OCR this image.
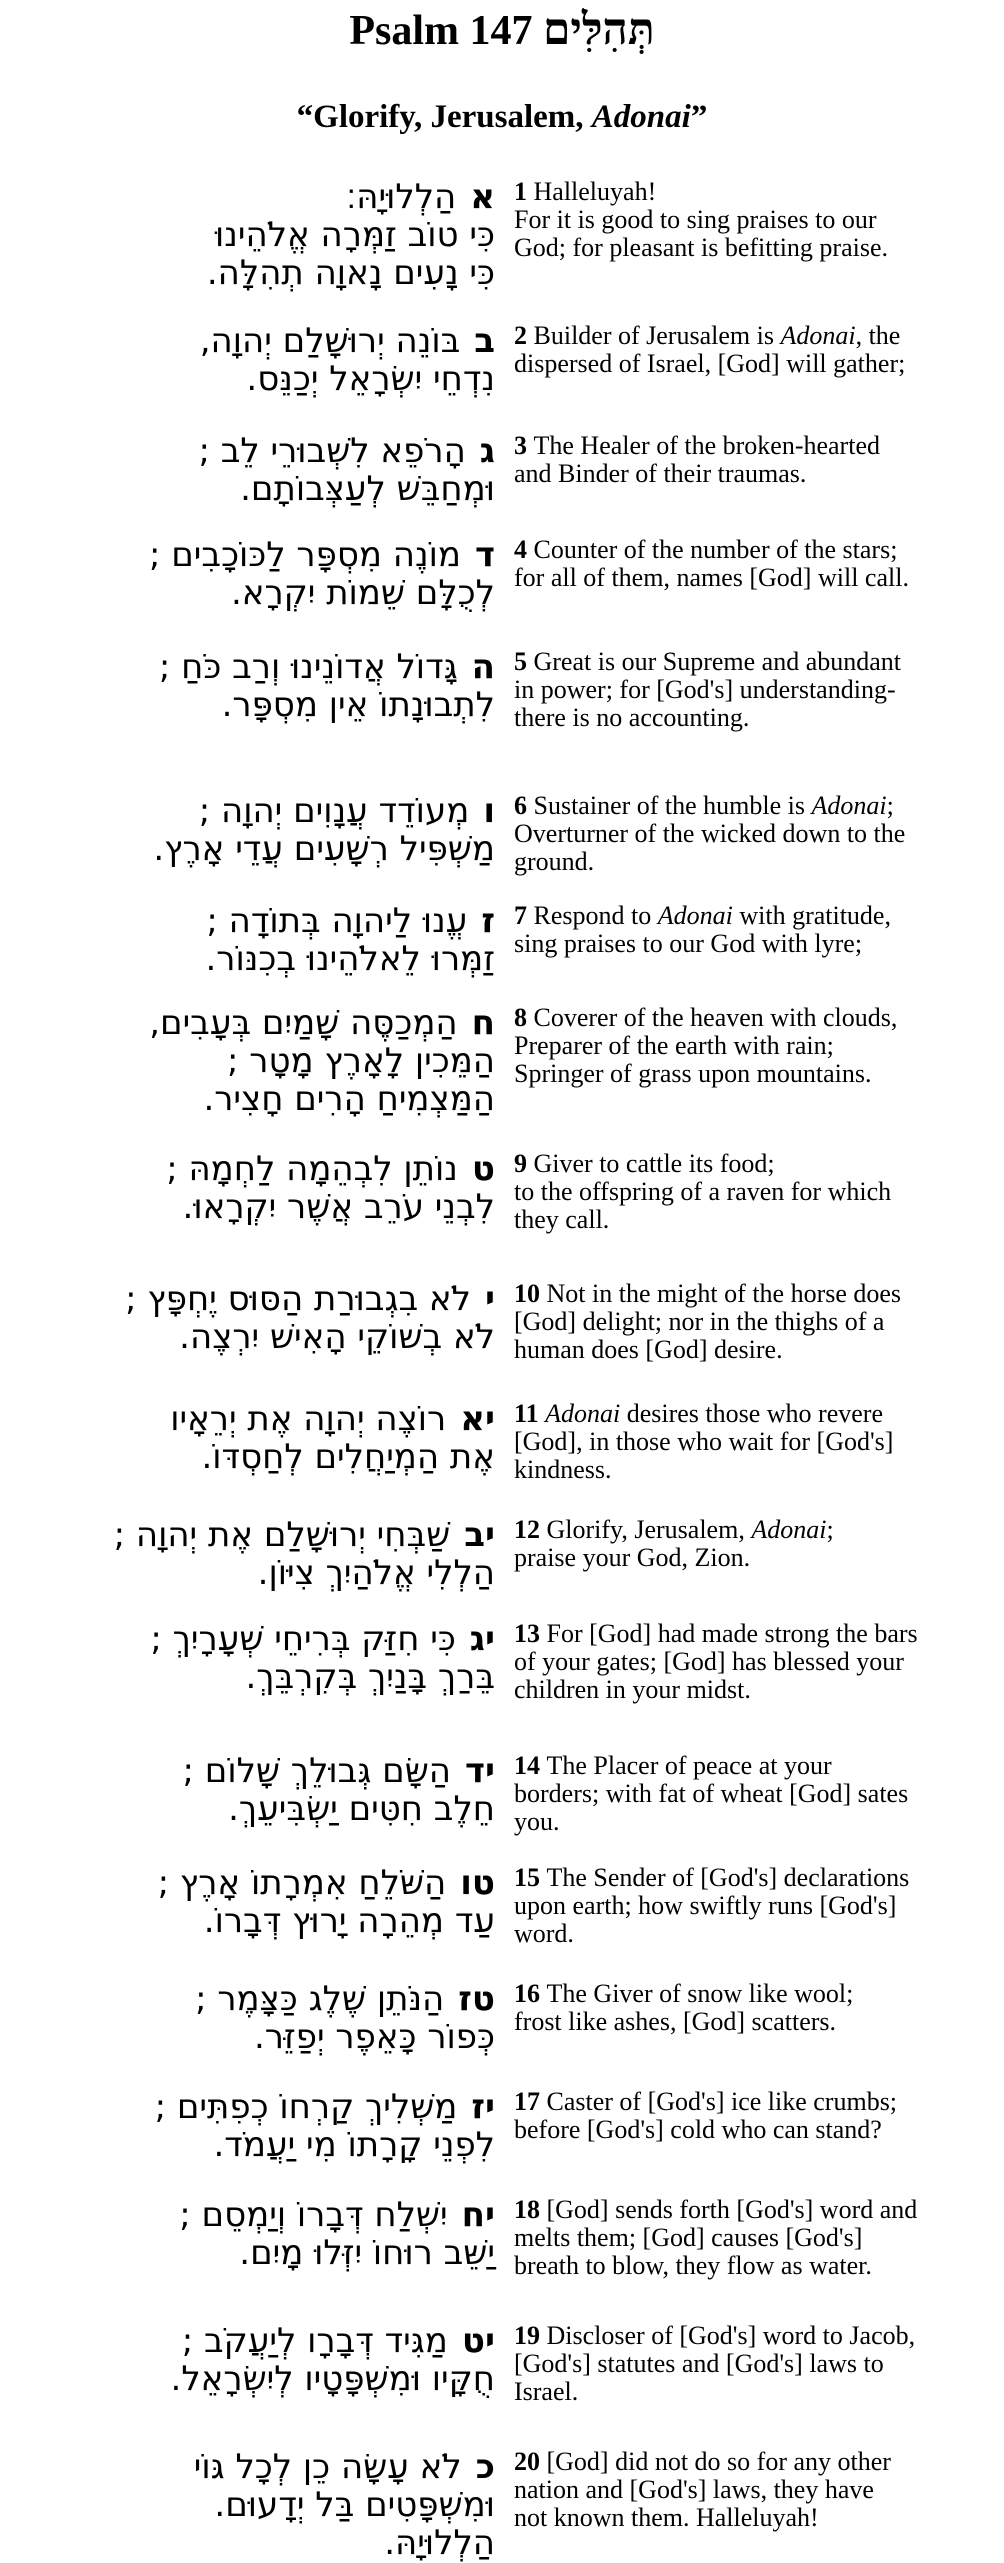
Psalm 147 תְּהִלִּים
“Glorify, Jerusalem, Adonai”
אהַלְלוּיָהּ׃
כִּי טוֹב זַמְּרָה אֱלֹהֵינוּ
כִּי נָעִים נָאוָה תְהִלָּה.
1 Halleluyah!
For it is good to sing praises to our
God; for pleasant is befitting praise.
בבּוֹנֵה יְרוּשָׁלַם יְהוָה,
נִדְחֵי יִשְׂרָאֵל יְכַנֵּס.
2 Builder of Jerusalem is Adonai, the
dispersed of Israel, [God] will gather;
גהָרֹפֵא לִשְׁבוּרֵי לֵב ;
וּמְחַבֵּשׁ לְעַצְּבוֹתָם.
3 The Healer of the broken-hearted
and Binder of their traumas.
דמוֹנֶה מִסְפָּר לַכּוֹכָבִים ;
לְכֻלָּם שֵׁמוֹת יִקְרָא.
4 Counter of the number of the stars;
for all of them, names [God] will call.
הגָּדוֹל אֲדוֹנֵינוּ וְרַב כֹּחַ ;
לִתְבוּנָתוֹ אֵין מִסְפָּר.
5 Great is our Supreme and abundant
in power; for [God's] understanding-
there is no accounting.
ומְעוֹדֵד עֲנָוִים יְהוָה ;
מַשְׁפִּיל רְשָׁעִים עֲדֵי אָרֶץ.
6 Sustainer of the humble is Adonai;
Overturner of the wicked down to the
ground.
זעֱנוּ לַיהוָה בְּתוֹדָה ;
זַמְּרוּ לֵאלֹהֵינוּ בְכִנּוֹר.
7 Respond to Adonai with gratitude,
sing praises to our God with lyre;
חהַמְכַסֶּה שָׁמַיִם בְּעָבִים,
הַמֵּכִין לָאָרֶץ מָטָר ;
הַמַּצְמִיחַ הָרִים חָצִיר.
8 Coverer of the heaven with clouds,
Preparer of the earth with rain;
Springer of grass upon mountains.
טנוֹתֵן לִבְהֵמָה לַחְמָהּ ;
לִבְנֵי עֹרֵב אֲשֶׁר יִקְרָאוּ.
9 Giver to cattle its food;
to the offspring of a raven for which
they call.
ילֹא בִגְבוּרַת הַסּוּס יֶחְפָּץ ;
לֹא בְשׁוֹקֵי הָאִישׁ יִרְצֶה.
10 Not in the might of the horse does
[God] delight; nor in the thighs of a
human does [God] desire.
יארוֹצֶה יְהוָה אֶת יְרֵאָיו
אֶת הַמְיַחֲלִים לְחַסְדּוֹ.
11 Adonai desires those who revere
[God], in those who wait for [God's]
kindness.
יבשַׁבְּחִי יְרוּשָׁלַם אֶת יְהוָה ;
הַלְלִי אֱלֹהַיִךְ צִיּוֹן.
12 Glorify, Jerusalem, Adonai;
praise your God, Zion.
יגכִּי חִזַּק בְּרִיחֵי שְׁעָרָיִךְ ;
בֵּרַךְ בָּנַיִךְ בְּקִרְבֵּךְ.
13 For [God] had made strong the bars
of your gates; [God] has blessed your
children in your midst.
ידהַשָּׂם גְּבוּלֵךְ שָׁלוֹם ;
חֵלֶב חִטִּים יַשְׂבִּיעֵךְ.
14 The Placer of peace at your
borders; with fat of wheat [God] sates
you.
טוהַשֹּׁלֵחַ אִמְרָתוֹ אָרֶץ ;
עַד מְהֵרָה יָרוּץ דְּבָרוֹ.
15 The Sender of [God's] declarations
upon earth; how swiftly runs [God's]
word.
טזהַנֹּתֵן שֶׁלֶג כַּצָּמֶר ;
כְּפוֹר כָּאֵפֶר יְפַזֵּר.
16 The Giver of snow like wool;
frost like ashes, [God] scatters.
יזמַשְׁלִיךְ קַרְחוֹ כְפִתִּים ;
לִפְנֵי קָרָתוֹ מִי יַעֲמֹד.
17 Caster of [God's] ice like crumbs;
before [God's] cold who can stand?
יחיִשְׁלַח דְּבָרוֹ וְיַמְסֵם ;
יַשֵּׁב רוּחוֹ יִזְּלוּ מָיִם.
18 [God] sends forth [God's] word and
melts them; [God] causes [God's]
breath to blow, they flow as water.
יטמַגִּיד דְּבָרָו לְיַעֲקֹב ;
חֻקָּיו וּמִשְׁפָּטָיו לְיִשְׂרָאֵל.
19 Discloser of [God's] word to Jacob,
[God's] statutes and [God's] laws to
Israel.
כלֹא עָשָׂה כֵן לְכָל גּוֹי
וּמִשְׁפָּטִים בַּל יְדָעוּם.
הַלְלוּיָהּ.
20 [God] did not do so for any other
nation and [God's] laws, they have
not known them. Halleluyah!
